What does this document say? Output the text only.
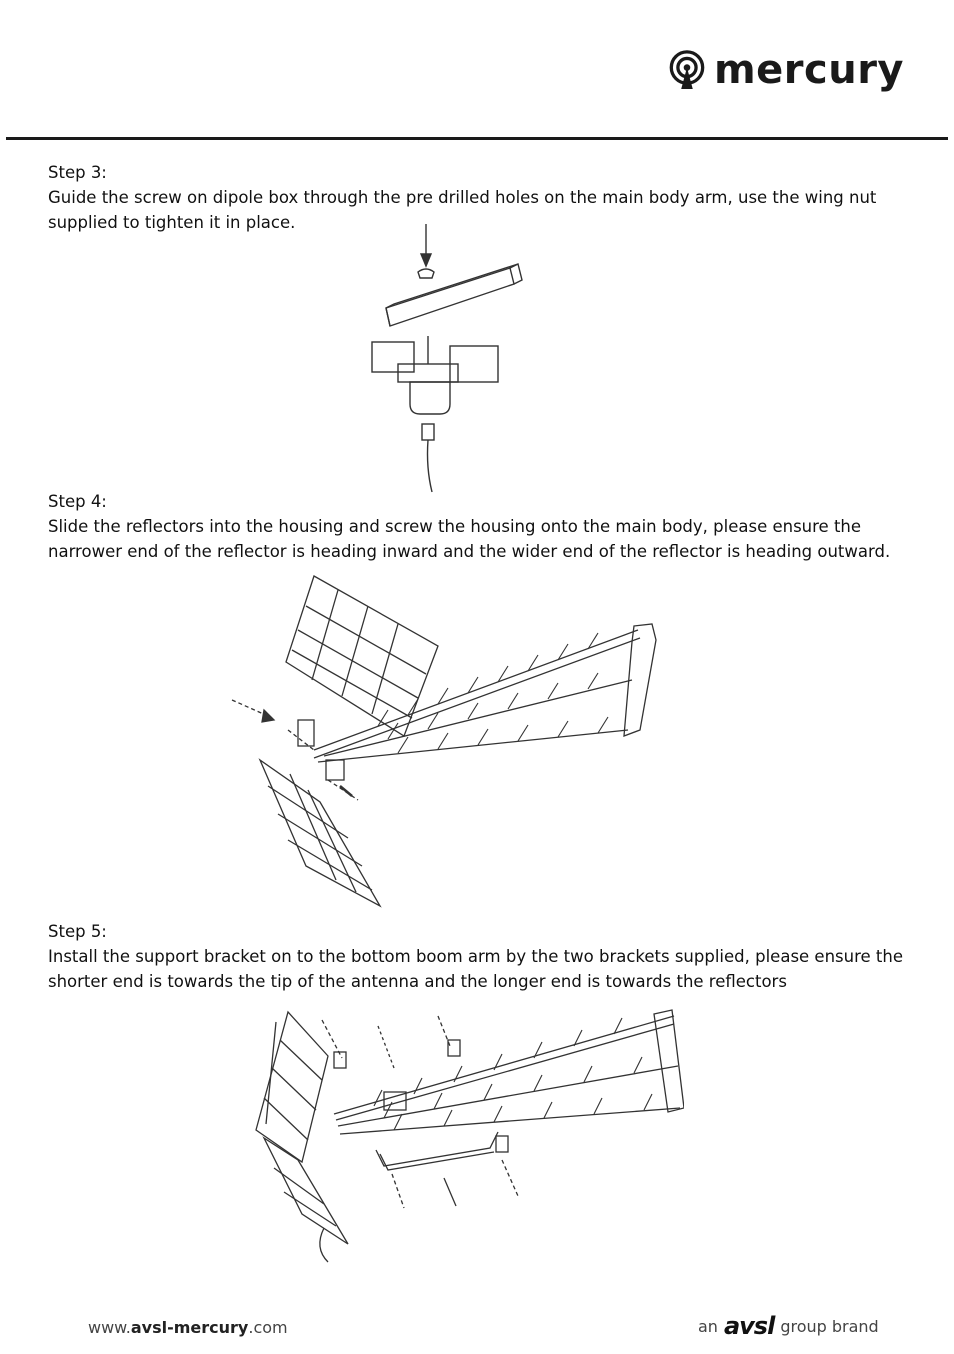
mercury

Step 3:

Guide the screw on dipole box through the pre drilled holes on the main body arm, use the wing nut supplied to tighten it in place.

Step 4:

Slide the reflectors into the housing and screw the housing onto the main body, please ensure the narrower end of the reflector is heading inward and the wider end of the reflector is heading outward.

Step 5:

Install the support bracket on to the bottom boom arm by the two brackets supplied, please ensure the shorter end is towards the tip of the antenna and the longer end is towards the reflectors

www.avsl-mercury.com	an avsl group brand
